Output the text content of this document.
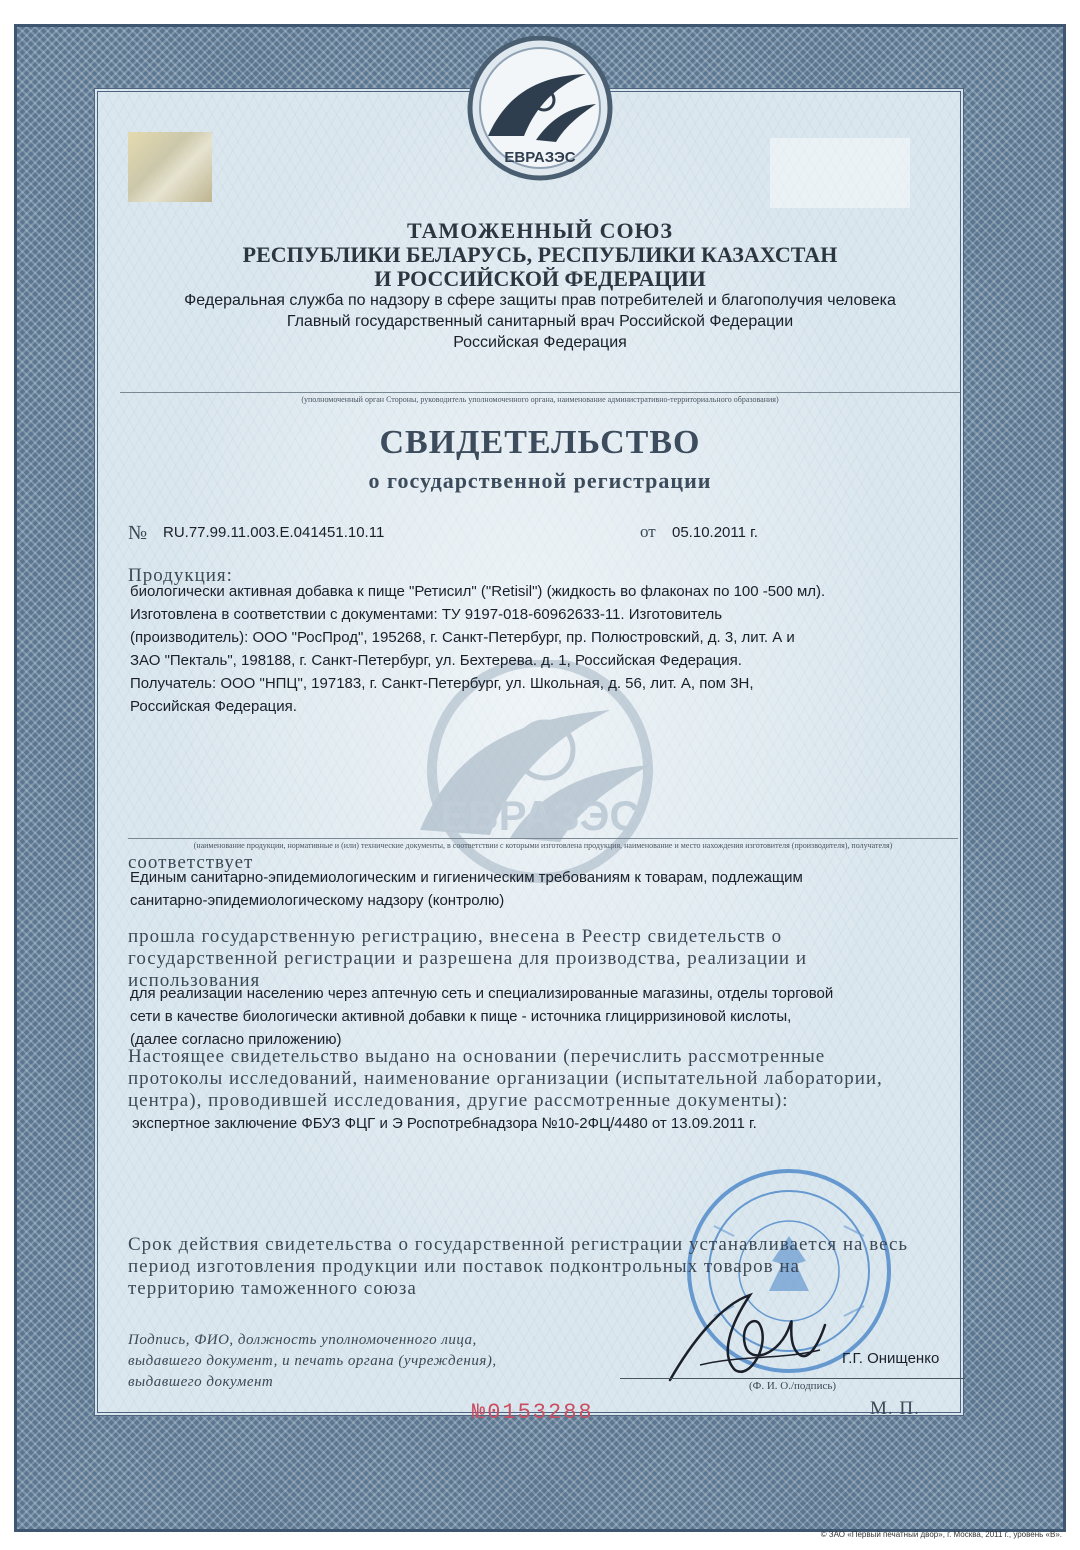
ЕВРАЗЭС
ЕВРАЗЭС
ТАМОЖЕННЫЙ СОЮЗ
РЕСПУБЛИКИ БЕЛАРУСЬ, РЕСПУБЛИКИ КАЗАХСТАН
И РОССИЙСКОЙ ФЕДЕРАЦИИ
Федеральная служба по надзору в сфере защиты прав потребителей и благополучия человека
Главный государственный санитарный врач Российской Федерации
Российская Федерация
(уполномоченный орган Стороны, руководитель уполномоченного органа, наименование административно-территориального образования)
СВИДЕТЕЛЬСТВО
о государственной регистрации
№ RU.77.99.11.003.E.041451.10.11	от 05.10.2011 г.
Продукция:
биологически активная добавка к пище "Ретисил" ("Retisil") (жидкость во флаконах по 100 -500 мл).
Изготовлена в соответствии с документами: ТУ 9197-018-60962633-11. Изготовитель
(производитель): ООО "РосПрод", 195268, г. Санкт-Петербург, пр. Полюстровский, д. 3, лит. А и
ЗАО "Пекталь", 198188, г. Санкт-Петербург, ул. Бехтерева. д. 1, Российская Федерация.
Получатель: ООО "НПЦ", 197183, г. Санкт-Петербург, ул. Школьная, д. 56, лит. А, пом 3Н,
Российская Федерация.
(наименование продукции, нормативные и (или) технические документы, в соответствии с которыми изготовлена продукция, наименование и место нахождения изготовителя (производителя), получателя)
соответствует
Единым санитарно-эпидемиологическим и гигиеническим требованиям к товарам, подлежащим
санитарно-эпидемиологическому надзору (контролю)
прошла государственную регистрацию, внесена в Реестр свидетельств о
государственной регистрации и разрешена для производства, реализации и
использования
для реализации населению через аптечную сеть и специализированные магазины, отделы торговой
сети в качестве биологически активной добавки к пище - источника глицирризиновой кислоты,
(далее согласно приложению)
Настоящее свидетельство выдано на основании (перечислить рассмотренные
протоколы исследований, наименование организации (испытательной лаборатории,
центра), проводившей исследования, другие рассмотренные документы):
экспертное заключение ФБУЗ ФЦГ и Э Роспотребнадзора №10-2ФЦ/4480 от 13.09.2011 г.
Срок действия свидетельства о государственной регистрации устанавливается на весь
период изготовления продукции или поставок подконтрольных товаров на
территорию таможенного союза
Подпись, ФИО, должность уполномоченного лица,
выдавшего документ, и печать органа (учреждения),
выдавшего документ
Г.Г. Онищенко
(Ф. И. О./подпись)
М. П.
№0153288
© ЗАО «Первый печатный двор», г. Москва, 2011 г., уровень «В».
